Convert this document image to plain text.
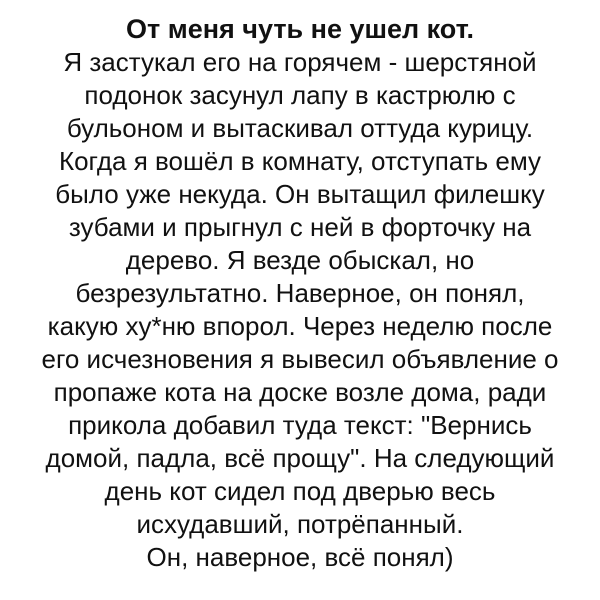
От меня чуть не ушел кот.
Я застукал его на горячем - шерстяной
подонок засунул лапу в кастрюлю с
бульоном и вытаскивал оттуда курицу.
Когда я вошёл в комнату, отступать ему
было уже некуда. Он вытащил филешку
зубами и прыгнул с ней в форточку на
дерево. Я везде обыскал, но
безрезультатно. Наверное, он понял,
какую ху*ню впорол. Через неделю после
его исчезновения я вывесил объявление о
пропаже кота на доске возле дома, ради
прикола добавил туда текст: "Вернись
домой, падла, всё прощу". На следующий
день кот сидел под дверью весь
исхудавший, потрёпанный.
Он, наверное, всё понял)
